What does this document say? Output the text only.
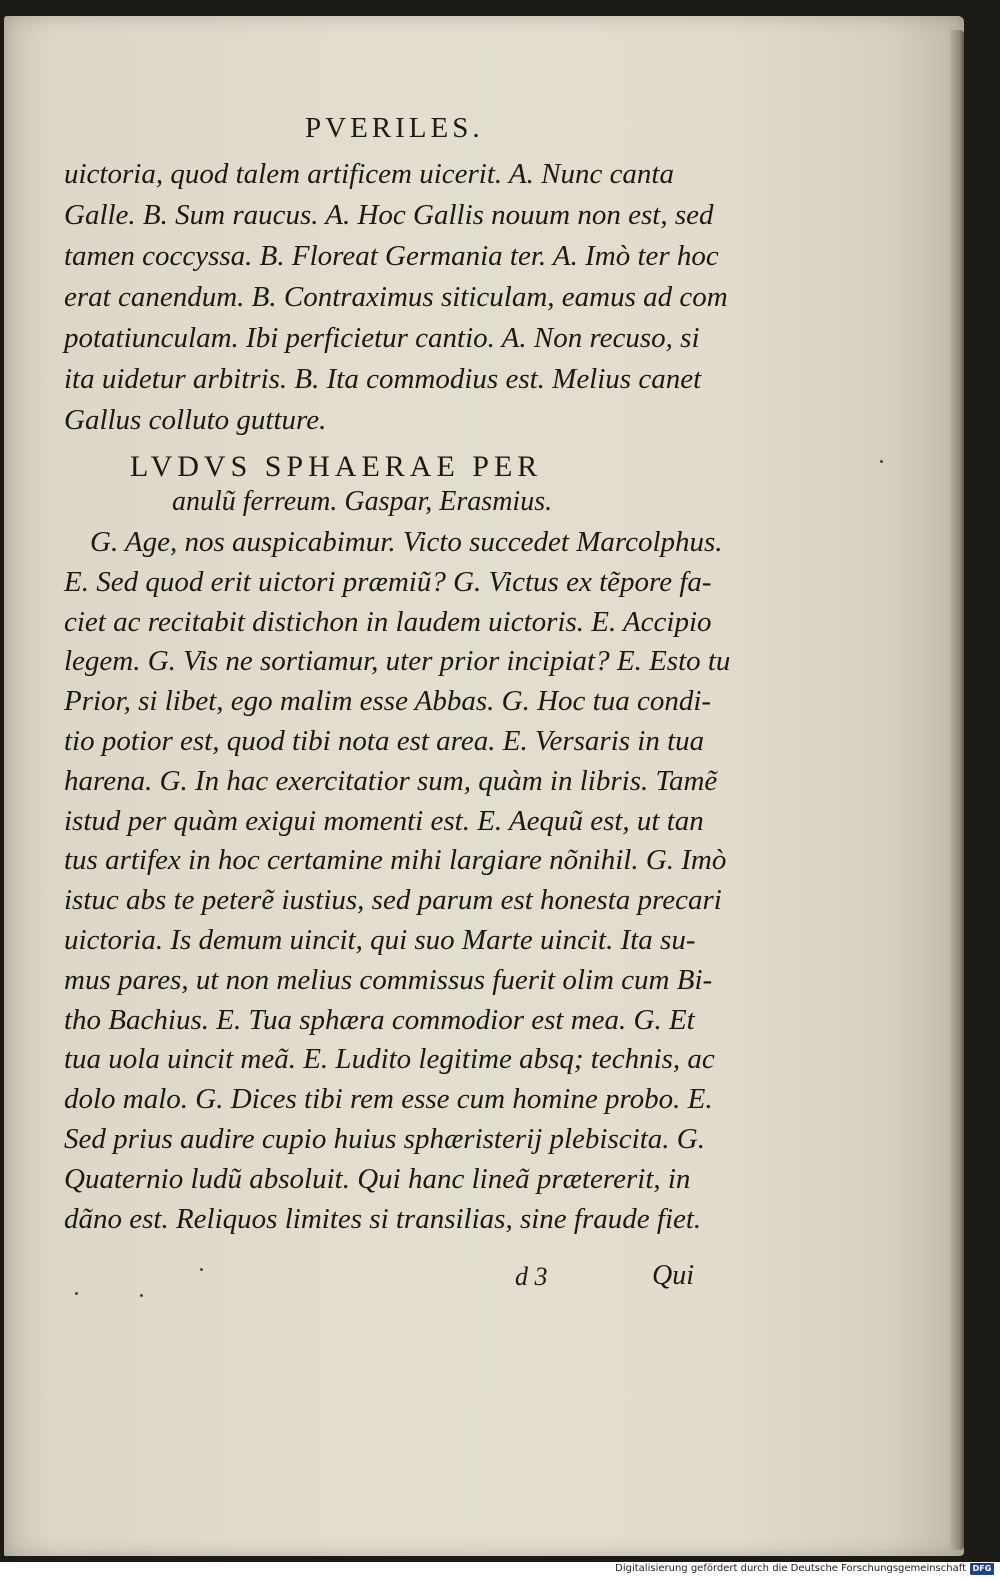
PVERILES.
uictoria, quod talem artificem uicerit. A. Nunc canta
Galle. B. Sum raucus. A. Hoc Gallis nouum non est, sed
tamen coccyssa. B. Floreat Germania ter. A. Imò ter hoc
erat canendum. B. Contraximus siticulam, eamus ad com
potatiunculam. Ibi perficietur cantio. A. Non recuso, si
ita uidetur arbitris. B. Ita commodius est. Melius canet
Gallus colluto gutture.
LVDVS SPHAERAE PER
anulũ ferreum. Gaspar, Erasmius.
G. Age, nos auspicabimur. Victo succedet Marcolphus.
E. Sed quod erit uictori præmiũ? G. Victus ex tẽpore fa-
ciet ac recitabit distichon in laudem uictoris. E. Accipio
legem. G. Vis ne sortiamur, uter prior incipiat? E. Esto tu
Prior, si libet, ego malim esse Abbas. G. Hoc tua condi-
tio potior est, quod tibi nota est area. E. Versaris in tua
harena. G. In hac exercitatior sum, quàm in libris. Tamẽ
istud per quàm exigui momenti est. E. Aequũ est, ut tan
tus artifex in hoc certamine mihi largiare nõnihil. G. Imò
istuc abs te peterẽ iustius, sed parum est honesta precari
uictoria. Is demum uincit, qui suo Marte uincit. Ita su-
mus pares, ut non melius commissus fuerit olim cum Bi-
tho Bachius. E. Tua sphæra commodior est mea. G. Et
tua uola uincit meã. E. Ludito legitime absq; technis, ac
dolo malo. G. Dices tibi rem esse cum homine probo. E.
Sed prius audire cupio huius sphæristerij plebiscita. G.
Quaternio ludũ absoluit. Qui hanc lineã prætererit, in
dãno est. Reliquos limites si transilias, sine fraude fiet.
d 3	Qui
Digitalisierung gefördert durch die Deutsche Forschungsgemeinschaft DFG
